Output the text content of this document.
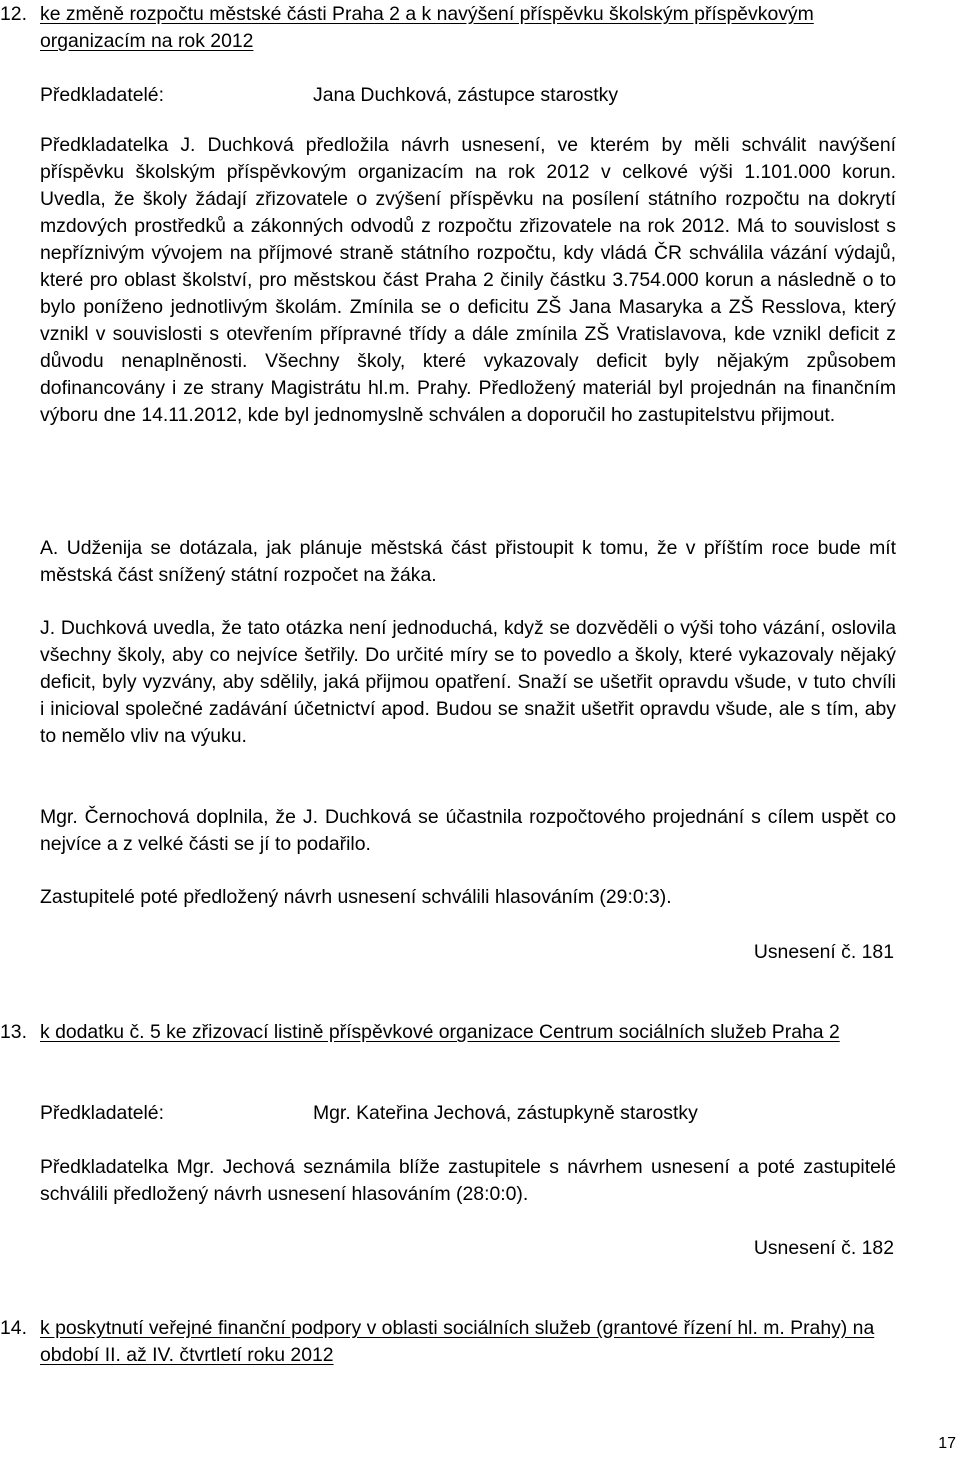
12. ke změně rozpočtu městské části Praha 2 a k navýšení příspěvku školským příspěvkovým organizacím na rok 2012
Předkladatelé:	Jana Duchková, zástupce starostky

Předkladatelka J. Duchková předložila návrh usnesení, ve kterém by měli schválit navýšení příspěvku školským příspěvkovým organizacím na rok 2012 v celkové výši 1.101.000 korun. Uvedla, že školy žádají zřizovatele o zvýšení příspěvku na posílení státního rozpočtu na dokrytí mzdových prostředků a zákonných odvodů z rozpočtu zřizovatele na rok 2012. Má to souvislost s nepříznivým vývojem na příjmové straně státního rozpočtu, kdy vládá ČR schválila vázání výdajů, které pro oblast školství, pro městskou část Praha 2 činily částku 3.754.000 korun a následně o to bylo poníženo jednotlivým školám. Zmínila se o deficitu ZŠ Jana Masaryka a ZŠ Resslova, který vznikl v souvislosti s otevřením přípravné třídy a dále zmínila ZŠ Vratislavova, kde vznikl deficit z důvodu nenaplněnosti. Všechny školy, které vykazovaly deficit byly nějakým způsobem dofinancovány i ze strany Magistrátu hl.m. Prahy. Předložený materiál byl projednán na finančním výboru dne 14.11.2012, kde byl jednomyslně schválen a doporučil ho zastupitelstvu přijmout.

A. Udženija se dotázala, jak plánuje městská část přistoupit k tomu, že v příštím roce bude mít městská část snížený státní rozpočet na žáka.

J. Duchková uvedla, že tato otázka není jednoduchá, když se dozvěděli o výši toho vázání, oslovila všechny školy, aby co nejvíce šetřily. Do určité míry se to povedlo a školy, které vykazovaly nějaký deficit, byly vyzvány, aby sdělily, jaká přijmou opatření. Snaží se ušetřit opravdu všude, v tuto chvíli i inicioval společné zadávání účetnictví apod. Budou se snažit ušetřit opravdu všude, ale s tím, aby to nemělo vliv na výuku.

Mgr. Černochová doplnila, že J. Duchková se účastnila rozpočtového projednání s cílem uspět co nejvíce a z velké části se jí to podařilo.

Zastupitelé poté předložený návrh usnesení schválili hlasováním (29:0:3).

Usnesení č. 181
13. k dodatku č. 5 ke zřizovací listině příspěvkové organizace Centrum sociálních služeb Praha 2
Předkladatelé:	Mgr. Kateřina Jechová, zástupkyně starostky

Předkladatelka Mgr. Jechová seznámila blíže zastupitele s návrhem usnesení a poté zastupitelé schválili předložený návrh usnesení hlasováním (28:0:0).

Usnesení č. 182
14. k poskytnutí veřejné finanční podpory v oblasti sociálních služeb (grantové řízení hl. m. Prahy) na období II. až IV. čtvrtletí roku 2012
17
